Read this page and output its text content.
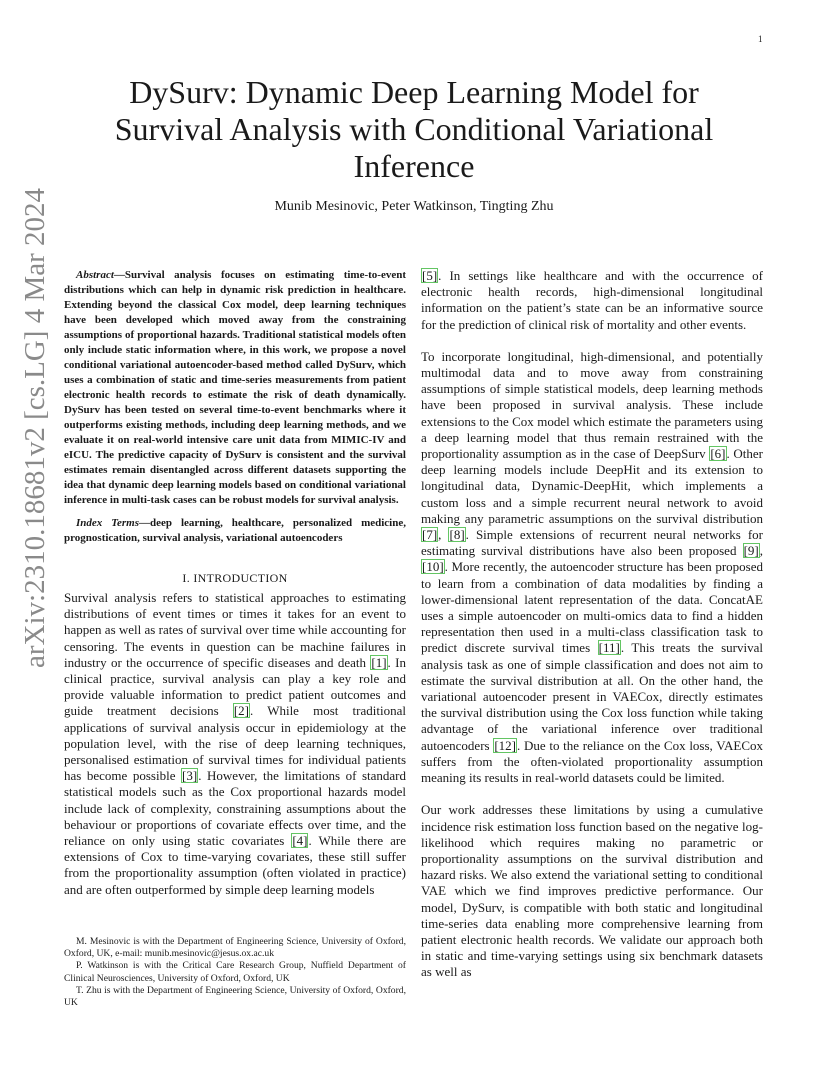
1
arXiv:2310.18681v2 [cs.LG] 4 Mar 2024
DySurv: Dynamic Deep Learning Model for Survival Analysis with Conditional Variational Inference
Munib Mesinovic, Peter Watkinson, Tingting Zhu

Abstract—Survival analysis focuses on estimating time-to-event distributions which can help in dynamic risk prediction in healthcare. Extending beyond the classical Cox model, deep learning techniques have been developed which moved away from the constraining assumptions of proportional hazards. Traditional statistical models often only include static information where, in this work, we propose a novel conditional variational autoencoder-based method called DySurv, which uses a combination of static and time-series measurements from patient electronic health records to estimate the risk of death dynamically. DySurv has been tested on several time-to-event benchmarks where it outperforms existing methods, including deep learning methods, and we evaluate it on real-world intensive care unit data from MIMIC-IV and eICU. The predictive capacity of DySurv is consistent and the survival estimates remain disentangled across different datasets supporting the idea that dynamic deep learning models based on conditional variational inference in multi-task cases can be robust models for survival analysis.

Index Terms—deep learning, healthcare, personalized medicine, prognostication, survival analysis, variational autoencoders

I. INTRODUCTION

Survival analysis refers to statistical approaches to estimating distributions of event times or times it takes for an event to happen as well as rates of survival over time while accounting for censoring. The events in question can be machine failures in industry or the occurrence of specific diseases and death [1]. In clinical practice, survival analysis can play a key role and provide valuable information to predict patient outcomes and guide treatment decisions [2]. While most traditional applications of survival analysis occur in epidemiology at the population level, with the rise of deep learning techniques, personalised estimation of survival times for individual patients has become possible [3]. However, the limitations of standard statistical models such as the Cox proportional hazards model include lack of complexity, constraining assumptions about the behaviour or proportions of covariate effects over time, and the reliance on only using static covariates [4]. While there are extensions of Cox to time-varying covariates, these still suffer from the proportionality assumption (often violated in practice) and are often outperformed by simple deep learning models

M. Mesinovic is with the Department of Engineering Science, University of Oxford, Oxford, UK, e-mail: munib.mesinovic@jesus.ox.ac.uk

P. Watkinson is with the Critical Care Research Group, Nuffield Department of Clinical Neurosciences, University of Oxford, Oxford, UK

T. Zhu is with the Department of Engineering Science, University of Oxford, Oxford, UK

[5]. In settings like healthcare and with the occurrence of electronic health records, high-dimensional longitudinal information on the patient’s state can be an informative source for the prediction of clinical risk of mortality and other events.

To incorporate longitudinal, high-dimensional, and potentially multimodal data and to move away from constraining assumptions of simple statistical models, deep learning methods have been proposed in survival analysis. These include extensions to the Cox model which estimate the parameters using a deep learning model that thus remain restrained with the proportionality assumption as in the case of DeepSurv [6]. Other deep learning models include DeepHit and its extension to longitudinal data, Dynamic-DeepHit, which implements a custom loss and a simple recurrent neural network to avoid making any parametric assumptions on the survival distribution [7], [8]. Simple extensions of recurrent neural networks for estimating survival distributions have also been proposed [9], [10]. More recently, the autoencoder structure has been proposed to learn from a combination of data modalities by finding a lower-dimensional latent representation of the data. ConcatAE uses a simple autoencoder on multi-omics data to find a hidden representation then used in a multi-class classification task to predict discrete survival times [11]. This treats the survival analysis task as one of simple classification and does not aim to estimate the survival distribution at all. On the other hand, the variational autoencoder present in VAECox, directly estimates the survival distribution using the Cox loss function while taking advantage of the variational inference over traditional autoencoders [12]. Due to the reliance on the Cox loss, VAECox suffers from the often-violated proportionality assumption meaning its results in real-world datasets could be limited.

Our work addresses these limitations by using a cumulative incidence risk estimation loss function based on the negative log-likelihood which requires making no parametric or proportionality assumptions on the survival distribution and hazard risks. We also extend the variational setting to conditional VAE which we find improves predictive performance. Our model, DySurv, is compatible with both static and longitudinal time-series data enabling more comprehensive learning from patient electronic health records. We validate our approach both in static and time-varying settings using six benchmark datasets as well as
